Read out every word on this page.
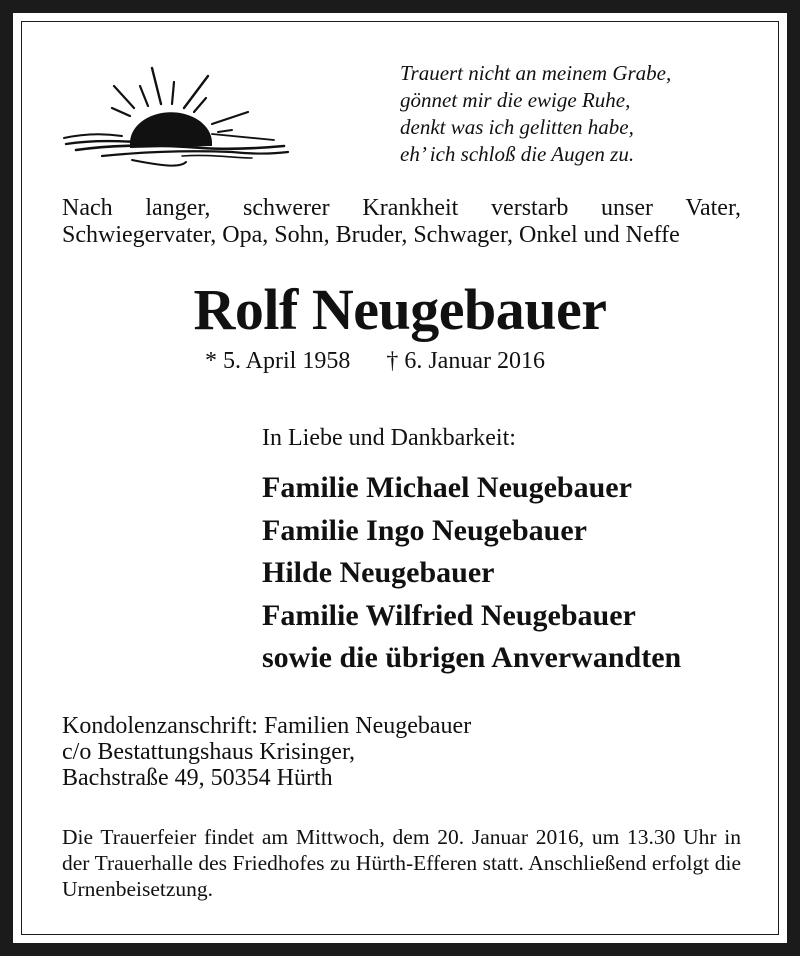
Trauert nicht an meinem Grabe,
gönnet mir die ewige Ruhe,
denkt was ich gelitten habe,
eh’ ich schloß die Augen zu.
Nach langer, schwerer Krankheit verstarb unser Vater, Schwiegervater, Opa, Sohn, Bruder, Schwager, Onkel und Neffe
Rolf Neugebauer
* 5. April 1958 † 6. Januar 2016
In Liebe und Dankbarkeit:
Familie Michael Neugebauer
Familie Ingo Neugebauer
Hilde Neugebauer
Familie Wilfried Neugebauer
sowie die übrigen Anverwandten
Kondolenzanschrift: Familien Neugebauer
c/o Bestattungshaus Krisinger,
Bachstraße 49, 50354 Hürth
Die Trauerfeier findet am Mittwoch, dem 20. Januar 2016, um 13.30 Uhr in der Trauerhalle des Friedhofes zu Hürth-Efferen statt. Anschließend erfolgt die Urnenbeisetzung.
